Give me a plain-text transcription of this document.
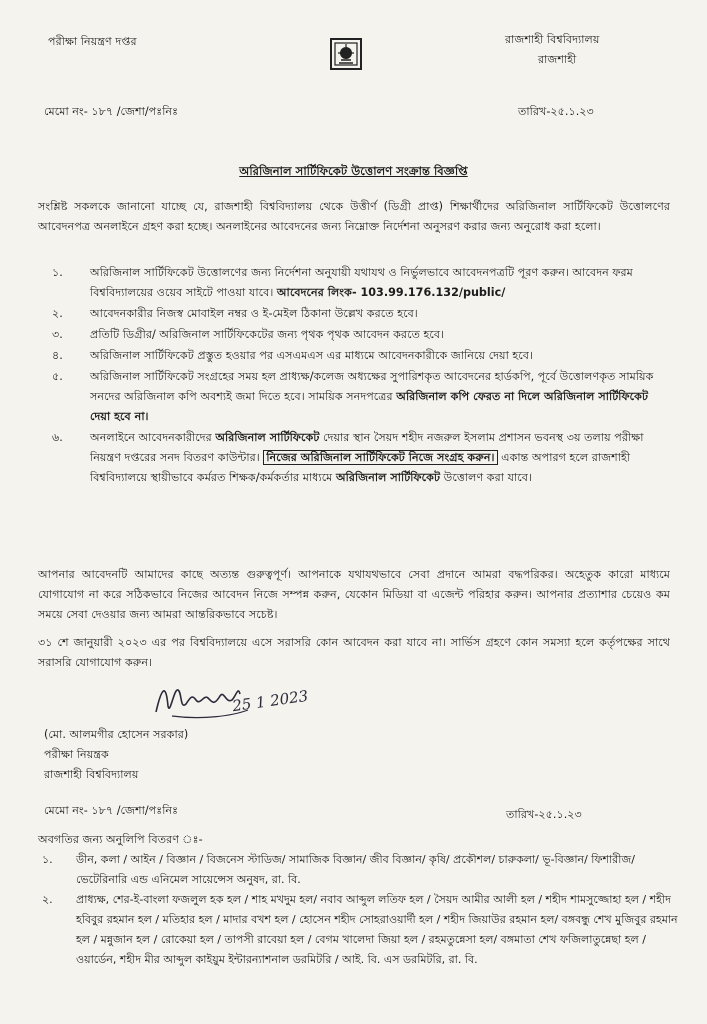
পরীক্ষা নিয়ন্ত্রণ দপ্তর	রাজশাহী বিশ্ববিদ্যালয়
রাজশাহী
মেমো নং- ১৮৭ /জেশা/পঃনিঃ	তারিখ-২৫.১.২৩
অরিজিনাল সার্টিফিকেট উত্তোলণ সংক্রান্ত বিজ্ঞপ্তি
সংশ্লিষ্ট সকলকে জানানো যাচ্ছে যে, রাজশাহী বিশ্ববিদ্যালয় থেকে উত্তীর্ণ (ডিগ্রী প্রাপ্ত) শিক্ষার্থীদের অরিজিনাল সার্টিফিকেট উত্তোলণের আবেদনপত্র অনলাইনে গ্রহণ করা হচ্ছে। অনলাইনের আবেদনের জন্য নিম্নোক্ত নির্দেশনা অনুসরণ করার জন্য অনুরোধ করা হলো।
১.	অরিজিনাল সার্টিফিকেট উত্তোলণের জন্য নির্দেশনা অনুযায়ী যথাযথ ও নির্ভুলভাবে আবেদনপত্রটি পূরণ করুন। আবেদন ফরম বিশ্ববিদ্যালয়ের ওয়েব সাইটে পাওয়া যাবে। আবেদনের লিংক- 103.99.176.132/public/
২.	আবেদনকারীর নিজস্ব মোবাইল নম্বর ও ই-মেইল ঠিকানা উল্লেখ করতে হবে।
৩.	প্রতিটি ডিগ্রীর/ অরিজিনাল সার্টিফিকেটের জন্য পৃথক পৃথক আবেদন করতে হবে।
৪.	অরিজিনাল সার্টিফিকেট প্রস্তুত হওয়ার পর এসএমএস এর মাধ্যমে আবেদনকারীকে জানিয়ে দেয়া হবে।
৫.	অরিজিনাল সার্টিফিকেট সংগ্রহের সময় হল প্রাধ্যক্ষ/কলেজ অধ্যক্ষের সুপারিশকৃত আবেদনের হার্ডকপি, পূর্বে উত্তোলণকৃত সাময়িক সনদের অরিজিনাল কপি অবশ্যই জমা দিতে হবে। সাময়িক সনদপত্রের অরিজিনাল কপি ফেরত না দিলে অরিজিনাল সার্টিফিকেট দেয়া হবে না।
৬.	অনলাইনে আবেদনকারীদের অরিজিনাল সার্টিফিকেট দেয়ার স্থান সৈয়দ শহীদ নজরুল ইসলাম প্রশাসন ভবনস্থ ৩য় তলায় পরীক্ষা নিয়ন্ত্রণ দপ্তরের সনদ বিতরণ কাউন্টার। নিজের অরিজিনাল সার্টিফিকেট নিজে সংগ্রহ করুন। একান্ত অপারগ হলে রাজশাহী বিশ্ববিদ্যালয়ে স্থায়ীভাবে কর্মরত শিক্ষক/কর্মকর্তার মাধ্যমে অরিজিনাল সার্টিফিকেট উত্তোলণ করা যাবে।
আপনার আবেদনটি আমাদের কাছে অত্যন্ত গুরুত্বপূর্ণ। আপনাকে যথাযথভাবে সেবা প্রদানে আমরা বদ্ধপরিকর। অহেতুক কারো মাধ্যমে যোগাযোগ না করে সঠিকভাবে নিজের আবেদন নিজে সম্পন্ন করুন, যেকোন মিডিয়া বা এজেন্ট পরিহার করুন। আপনার প্রত্যাশার চেয়েও কম সময়ে সেবা দেওয়ার জন্য আমরা আন্তরিকভাবে সচেষ্ট।
৩১ শে জানুয়ারী ২০২৩ এর পর বিশ্ববিদ্যালয়ে এসে সরাসরি কোন আবেদন করা যাবে না। সার্ভিস গ্রহণে কোন সমস্যা হলে কর্তৃপক্ষের সাথে সরাসরি যোগাযোগ করুন।
25 1 2023
(মো. আলমগীর হোসেন সরকার)
পরীক্ষা নিয়ন্ত্রক
রাজশাহী বিশ্ববিদ্যালয়
মেমো নং- ১৮৭ /জেশা/পঃনিঃ	তারিখ-২৫.১.২৩
অবগতির জন্য অনুলিপি বিতরণ ঃ-
১.	ডীন, কলা / আইন / বিজ্ঞান / বিজনেস স্টাডিজ/ সামাজিক বিজ্ঞান/ জীব বিজ্ঞান/ কৃষি/ প্রকৌশল/ চারুকলা/ ভূ-বিজ্ঞান/ ফিশারীজ/ ভেটেরিনারি এন্ড এনিমেল সায়েন্সেস অনুষদ, রা. বি.
২.	প্রাধ্যক্ষ, শের-ই-বাংলা ফজলুল হক হল / শাহ মখদুম হল/ নবাব আব্দুল লতিফ হল / সৈয়দ আমীর আলী হল / শহীদ শামসুজ্জোহা হল / শহীদ হবিবুর রহমান হল / মতিহার হল / মাদার বখশ হল / হোসেন শহীদ সোহরাওয়ার্দী হল / শহীদ জিয়াউর রহমান হল/ বঙ্গবন্ধু শেখ মুজিবুর রহমান হল / মন্নুজান হল / রোকেয়া হল / তাপসী রাবেয়া হল / বেগম খালেদা জিয়া হল / রহমতুন্নেসা হল/ বঙ্গমাতা শেখ ফজিলাতুন্নেছা হল / ওয়ার্ডেন, শহীদ মীর আব্দুল কাইয়ুম ইন্টারন্যাশনাল ডরমিটরি / আই. বি. এস ডরমিটরি, রা. বি.
